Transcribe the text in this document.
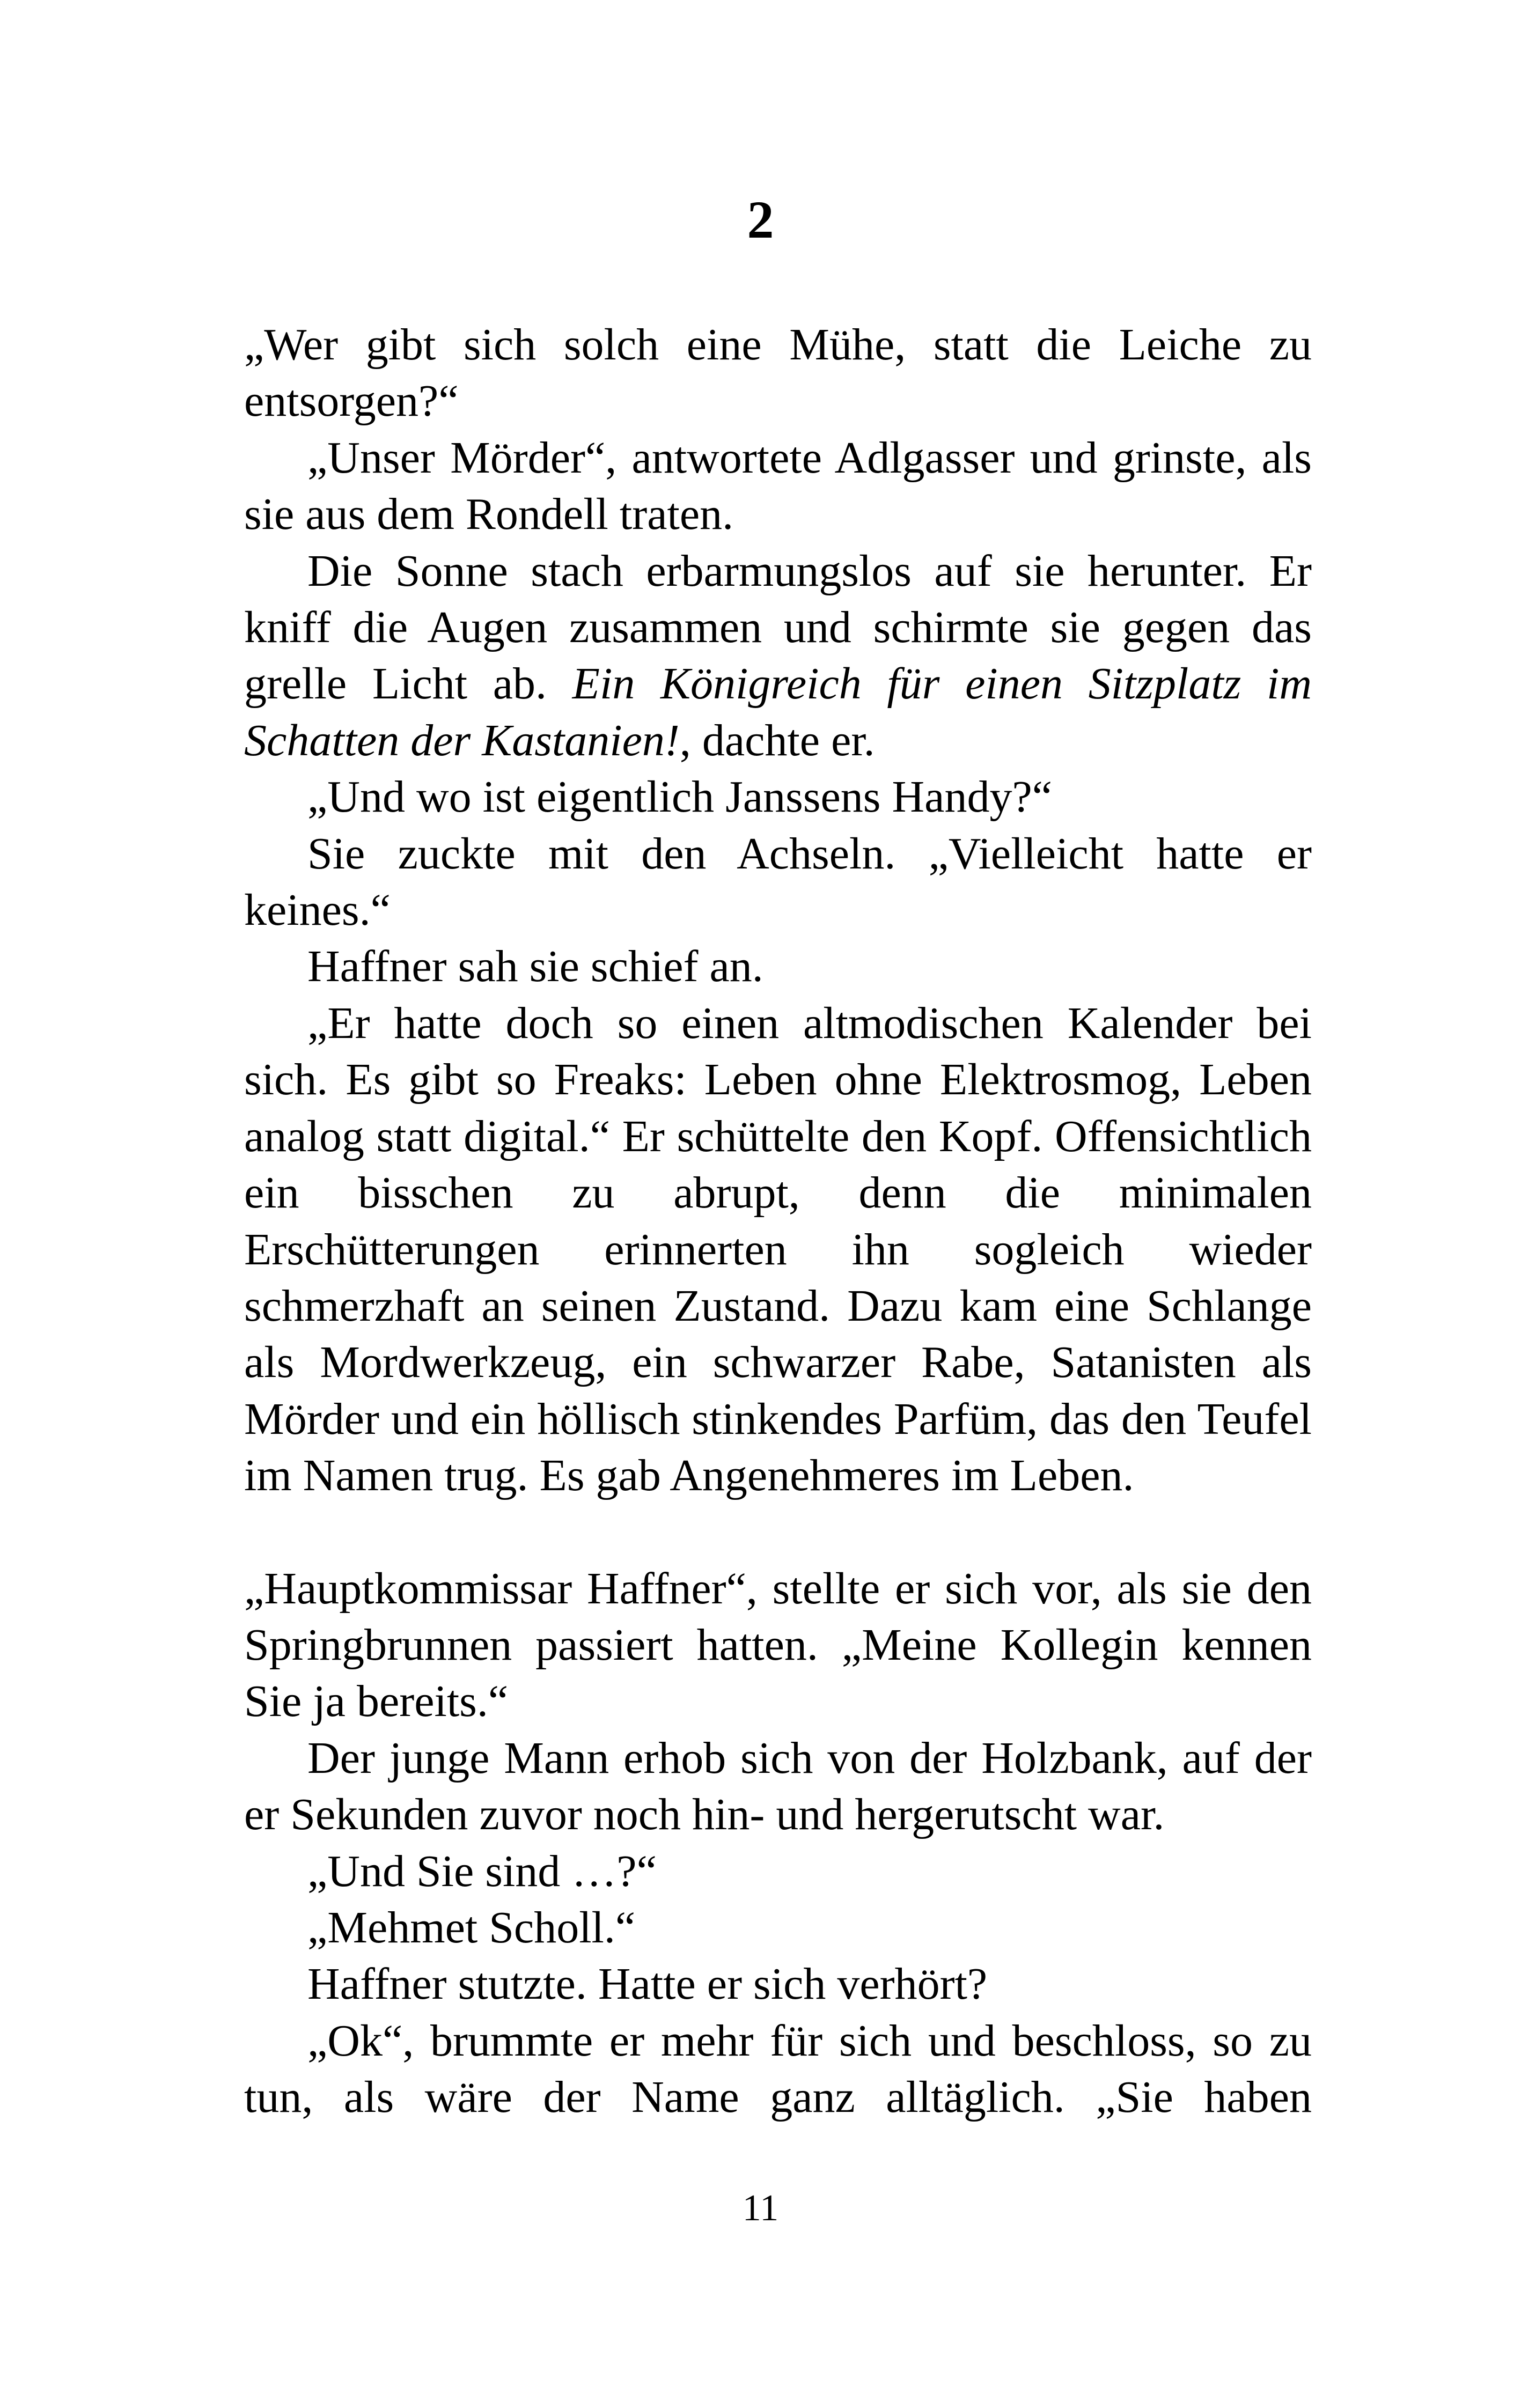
2

„Wer gibt sich solch eine Mühe, statt die Leiche zu entsorgen?“

„Unser Mörder“, antwortete Adlgasser und grinste, als sie aus dem Rondell traten.

Die Sonne stach erbarmungslos auf sie herunter. Er kniff die Augen zusammen und schirmte sie gegen das grelle Licht ab. Ein Königreich für einen Sitzplatz im Schatten der Kastanien!, dachte er.

„Und wo ist eigentlich Janssens Handy?“

Sie zuckte mit den Achseln. „Vielleicht hatte er keines.“

Haffner sah sie schief an.

„Er hatte doch so einen altmodischen Kalender bei sich. Es gibt so Freaks: Leben ohne Elektrosmog, Leben analog statt digital.“ Er schüttelte den Kopf. Offensichtlich ein bisschen zu abrupt, denn die minimalen Erschütterungen erinnerten ihn sogleich wieder schmerzhaft an seinen Zustand. Dazu kam eine Schlange als Mordwerkzeug, ein schwarzer Rabe, Satanisten als Mörder und ein höllisch stinkendes Parfüm, das den Teufel im Namen trug. Es gab Angenehmeres im Leben.

„Hauptkommissar Haffner“, stellte er sich vor, als sie den Springbrunnen passiert hatten. „Meine Kollegin kennen Sie ja bereits.“

Der junge Mann erhob sich von der Holzbank, auf der er Sekunden zuvor noch hin- und hergerutscht war.

„Und Sie sind …?“

„Mehmet Scholl.“

Haffner stutzte. Hatte er sich verhört?

„Ok“, brummte er mehr für sich und beschloss, so zu tun, als wäre der Name ganz alltäglich. „Sie haben

11
